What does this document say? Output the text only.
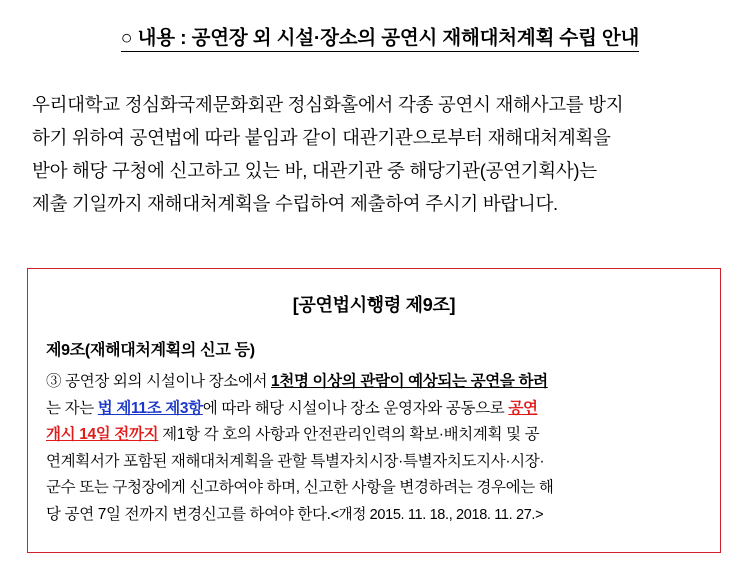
○ 내용 : 공연장 외 시설·장소의 공연시 재해대처계획 수립 안내
우리대학교 정심화국제문화회관 정심화홀에서 각종 공연시 재해사고를 방지
하기 위하여 공연법에 따라 붙임과 같이 대관기관으로부터 재해대처계획을
받아 해당 구청에 신고하고 있는 바, 대관기관 중 해당기관(공연기획사)는
제출 기일까지 재해대처계획을 수립하여 제출하여 주시기 바랍니다.
[공연법시행령 제9조]
제9조(재해대처계획의 신고 등)
③ 공연장 외의 시설이나 장소에서 1천명 이상의 관람이 예상되는 공연을 하려
는 자는 법 제11조 제3항에 따라 해당 시설이나 장소 운영자와 공동으로 공연
개시 14일 전까지 제1항 각 호의 사항과 안전관리인력의 확보·배치계획 및 공
연계획서가 포함된 재해대처계획을 관할 특별자치시장·특별자치도지사·시장·
군수 또는 구청장에게 신고하여야 하며, 신고한 사항을 변경하려는 경우에는 해
당 공연 7일 전까지 변경신고를 하여야 한다.<개정 2015. 11. 18., 2018. 11. 27.>
